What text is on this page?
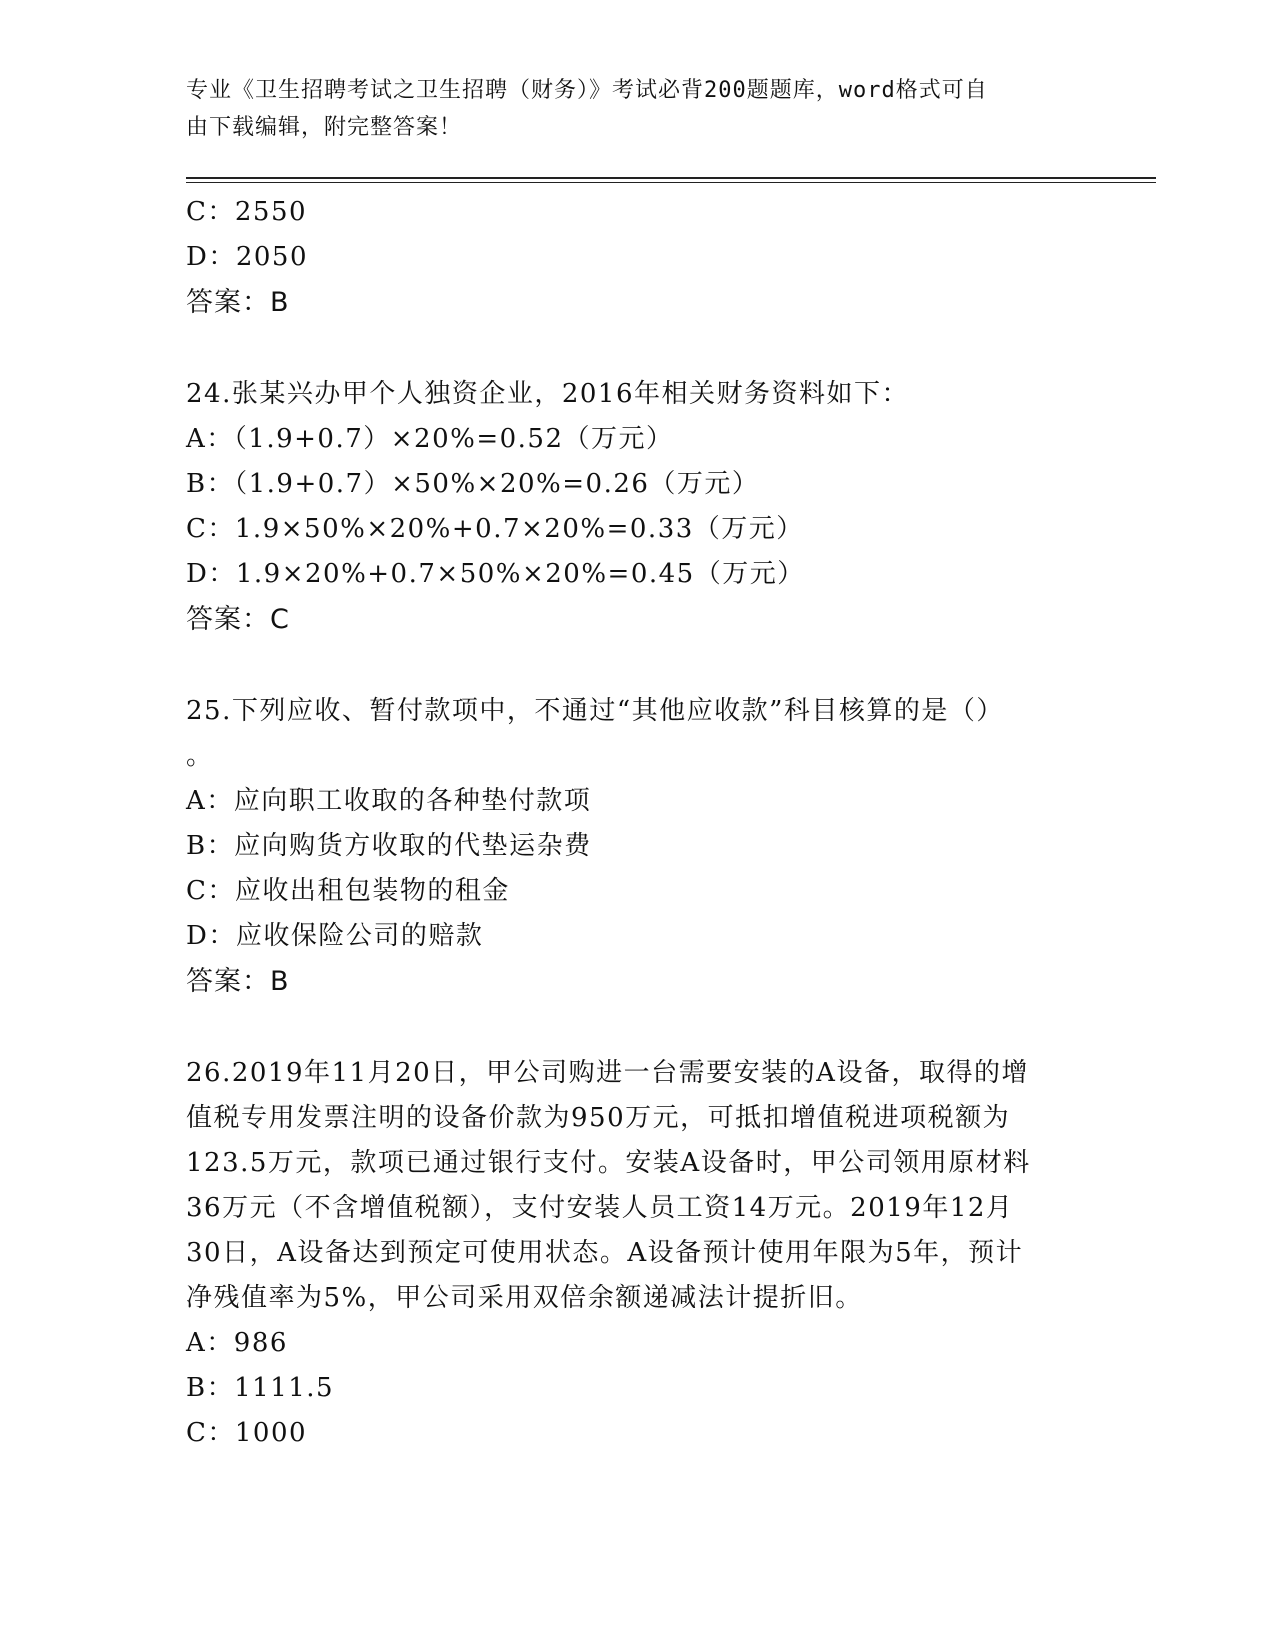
专业《卫生招聘考试之卫生招聘（财务）》考试必背200题题库，word格式可自
由下载编辑，附完整答案！
C：2550
D：2050
答案：B
24.张某兴办甲个人独资企业，2016年相关财务资料如下：
A：（1.9+0.7）×20%=0.52（万元）
B：（1.9+0.7）×50%×20%=0.26（万元）
C：1.9×50%×20%+0.7×20%=0.33（万元）
D：1.9×20%+0.7×50%×20%=0.45（万元）
答案：C
25.下列应收、暂付款项中，不通过“其他应收款”科目核算的是（）
。
A：应向职工收取的各种垫付款项
B：应向购货方收取的代垫运杂费
C：应收出租包装物的租金
D：应收保险公司的赔款
答案：B
26.2019年11月20日，甲公司购进一台需要安装的A设备，取得的增
值税专用发票注明的设备价款为950万元，可抵扣增值税进项税额为
123.5万元，款项已通过银行支付。安装A设备时，甲公司领用原材料
36万元（不含增值税额），支付安装人员工资14万元。2019年12月
30日，A设备达到预定可使用状态。A设备预计使用年限为5年，预计
净残值率为5%，甲公司采用双倍余额递减法计提折旧。
A：986
B：1111.5
C：1000
